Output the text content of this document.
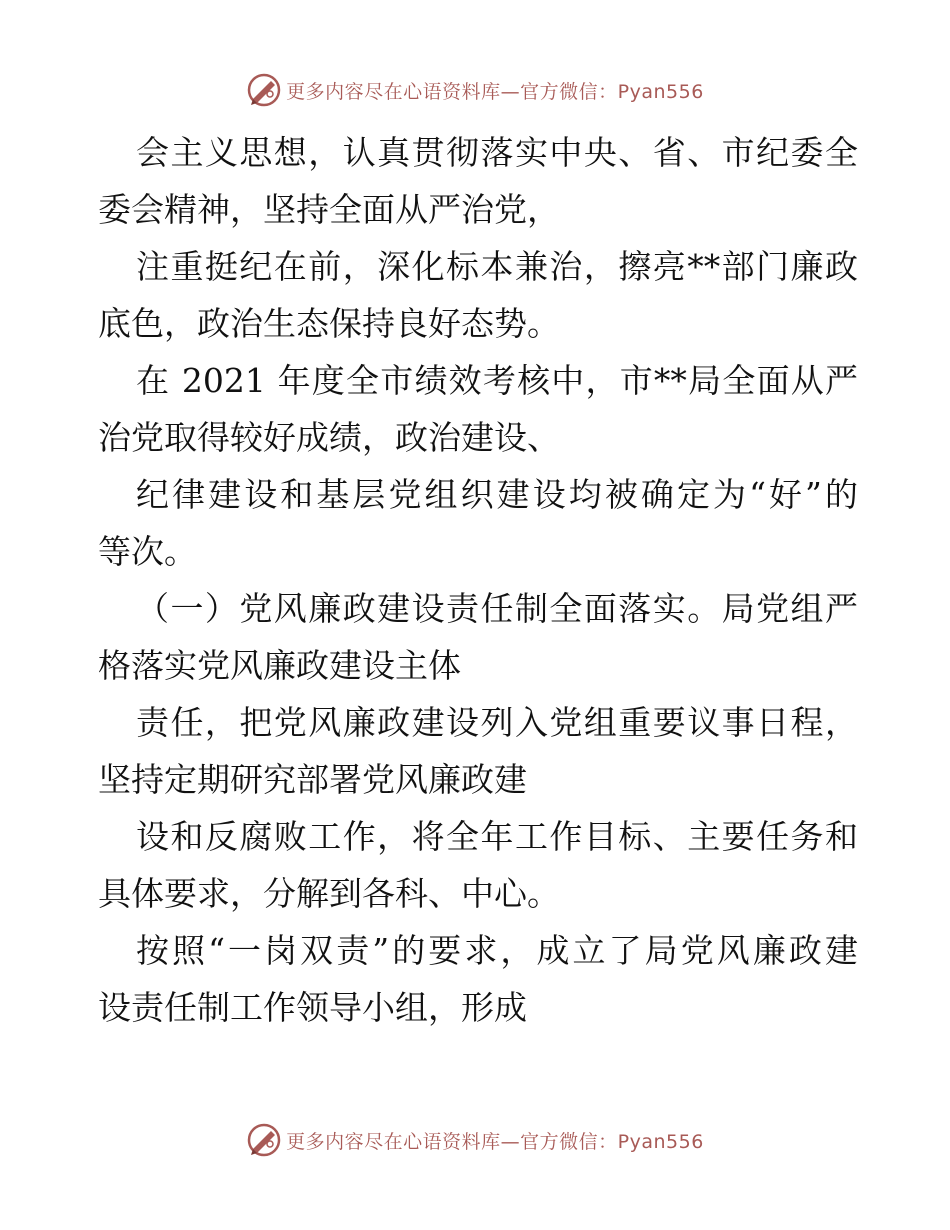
更多内容尽在心语资料库—官方微信：Pyan556
会主义思想，认真贯彻落实中央、省、市纪委全
委会精神，坚持全面从严治党，
注重挺纪在前，深化标本兼治，擦亮**部门廉政
底色，政治生态保持良好态势。
在 2021 年度全市绩效考核中，市**局全面从严
治党取得较好成绩，政治建设、
纪律建设和基层党组织建设均被确定为“好”的
等次。
（一）党风廉政建设责任制全面落实。局党组严
格落实党风廉政建设主体
责任，把党风廉政建设列入党组重要议事日程，
坚持定期研究部署党风廉政建
设和反腐败工作，将全年工作目标、主要任务和
具体要求，分解到各科、中心。
按照“一岗双责”的要求，成立了局党风廉政建
设责任制工作领导小组，形成
更多内容尽在心语资料库—官方微信：Pyan556
